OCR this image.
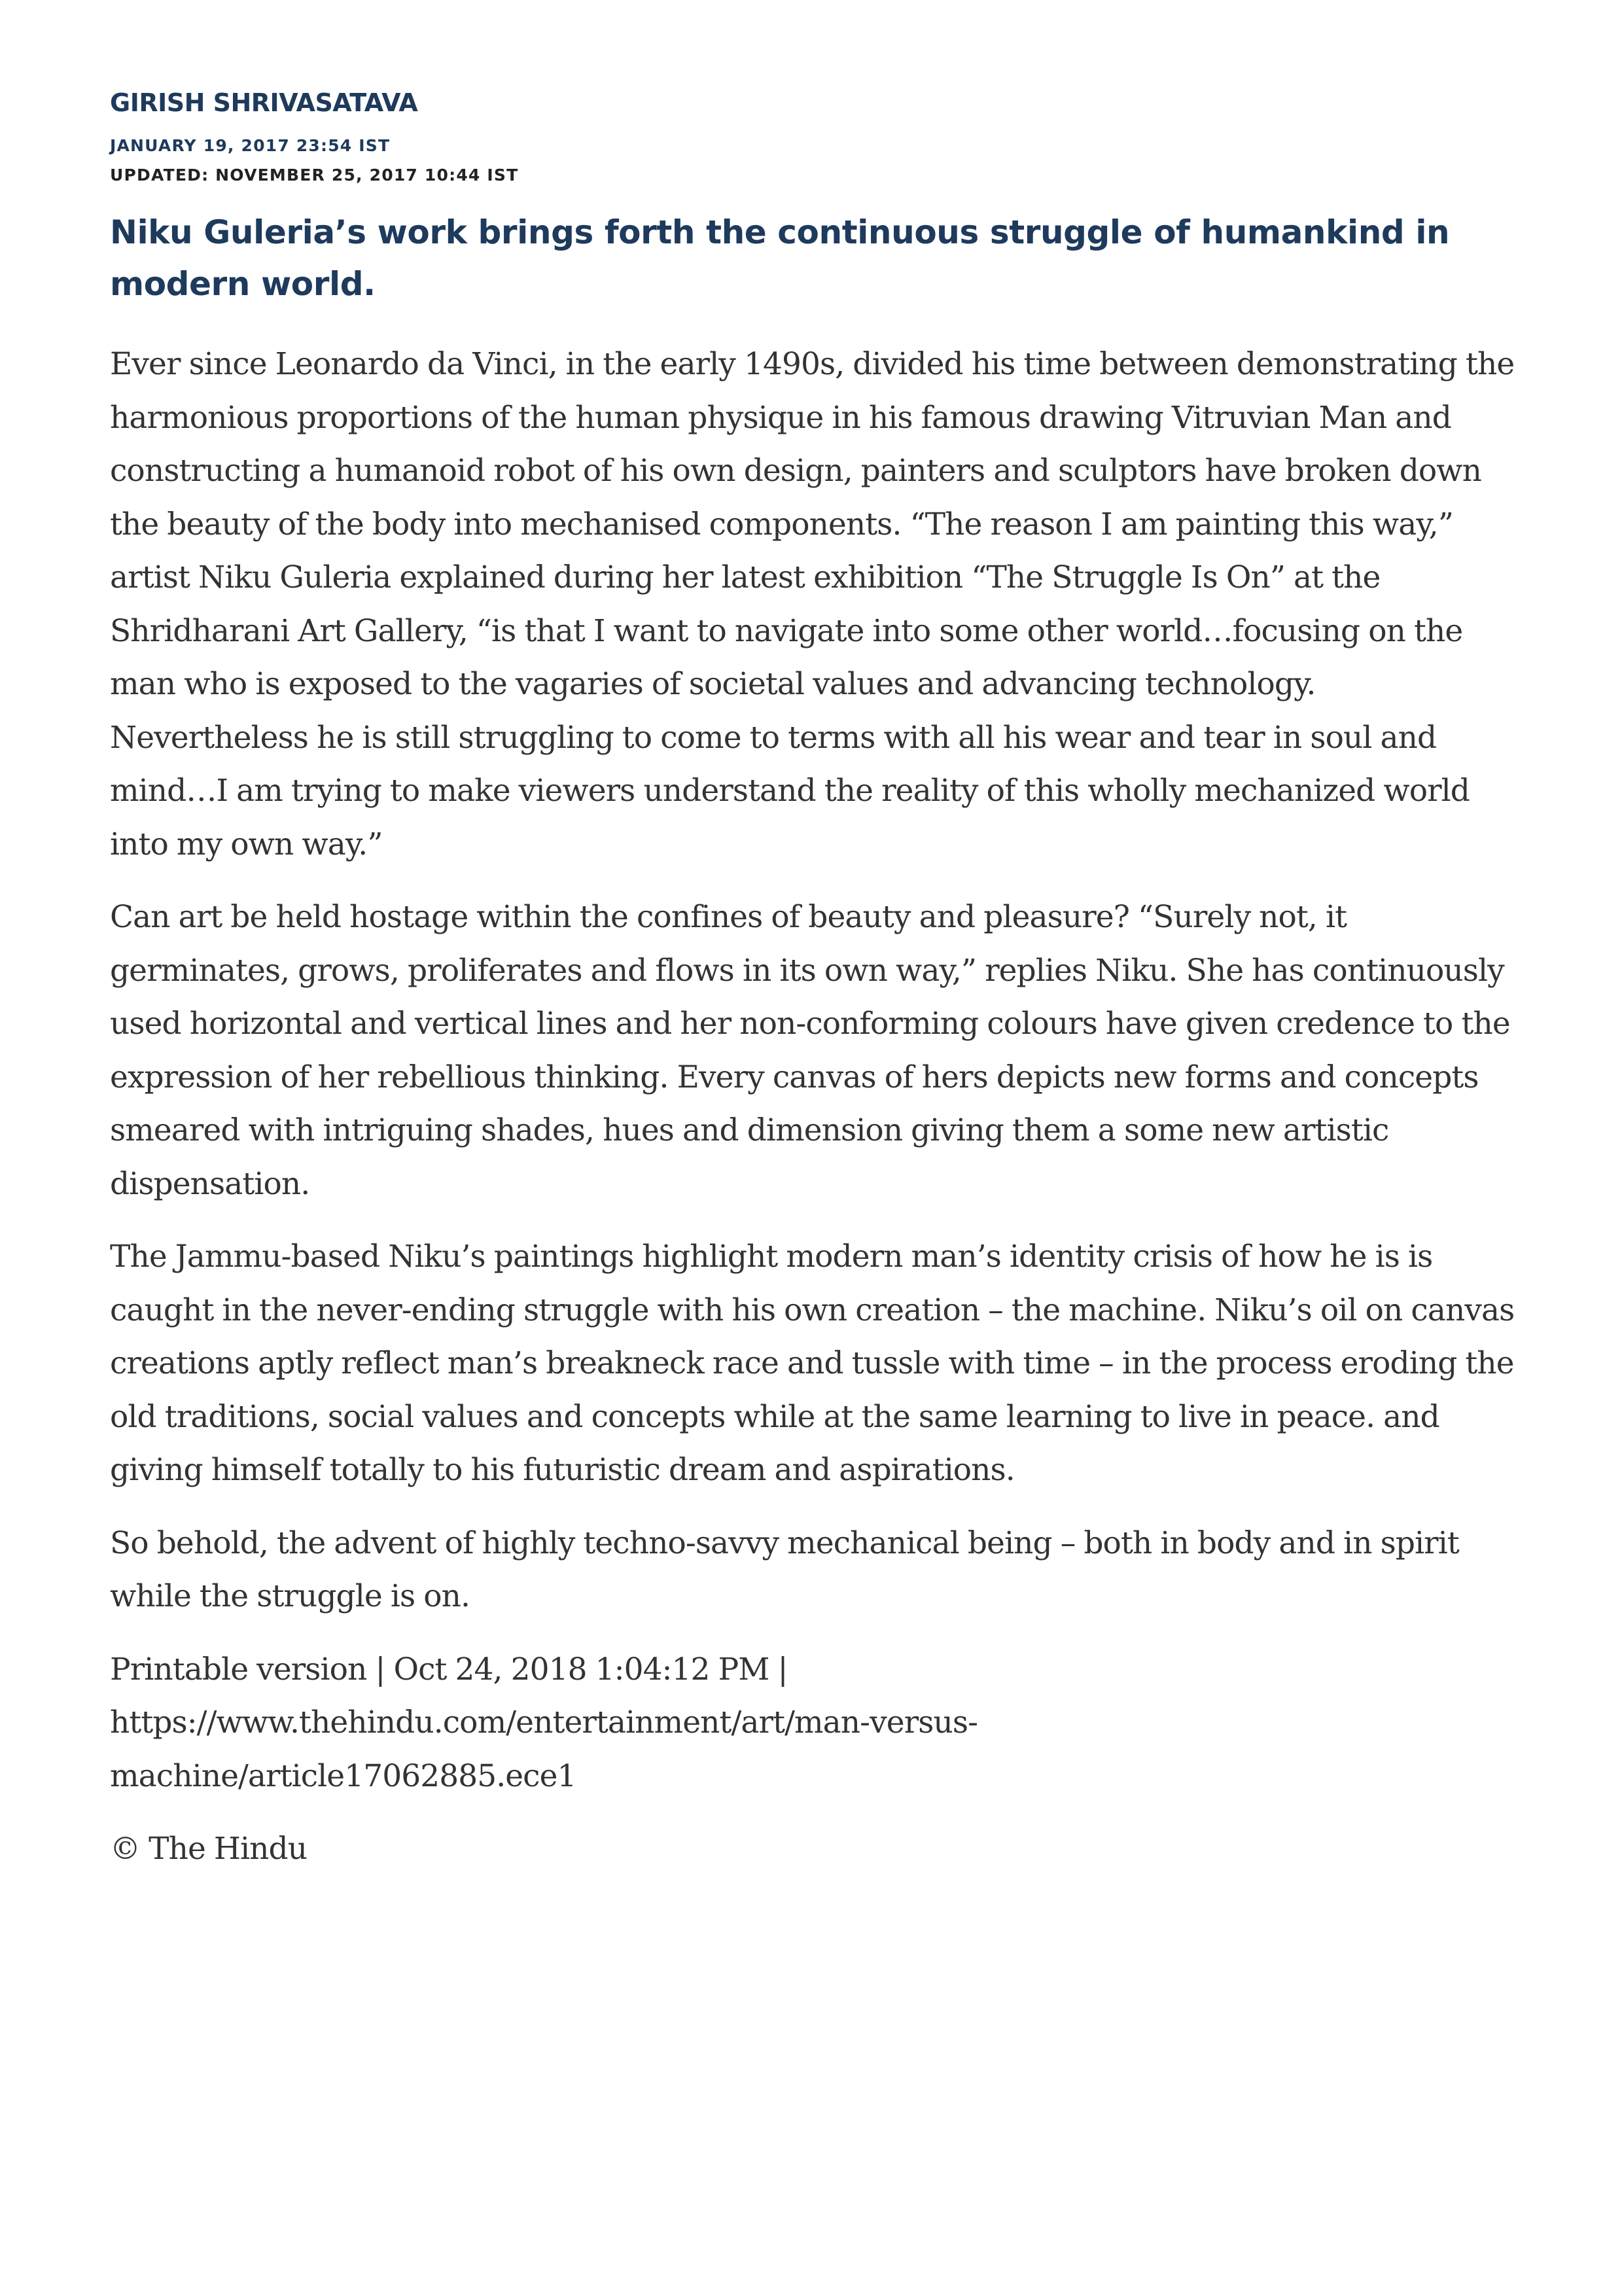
GIRISH SHRIVASATAVA
JANUARY 19, 2017 23:54 IST
UPDATED: NOVEMBER 25, 2017 10:44 IST
Niku Guleria’s work brings forth the continuous struggle of humankind in modern world.

Ever since Leonardo da Vinci, in the early 1490s, divided his time between demonstrating the harmonious proportions of the human physique in his famous drawing Vitruvian Man and constructing a humanoid robot of his own design, painters and sculptors have broken down the beauty of the body into mechanised components. “The reason I am painting this way,” artist Niku Guleria explained during her latest exhibition “The Struggle Is On” at the Shridharani Art Gallery, “is that I want to navigate into some other world…focusing on the man who is exposed to the vagaries of societal values and advancing technology. Nevertheless he is still struggling to come to terms with all his wear and tear in soul and mind…I am trying to make viewers understand the reality of this wholly mechanized world into my own way.”

Can art be held hostage within the confines of beauty and pleasure? “Surely not, it germinates, grows, proliferates and flows in its own way,” replies Niku. She has continuously used horizontal and vertical lines and her non-conforming colours have given credence to the expression of her rebellious thinking. Every canvas of hers depicts new forms and concepts smeared with intriguing shades, hues and dimension giving them a some new artistic dispensation.

The Jammu-based Niku’s paintings highlight modern man’s identity crisis of how he is is caught in the never-ending struggle with his own creation – the machine. Niku’s oil on canvas creations aptly reflect man’s breakneck race and tussle with time – in the process eroding the old traditions, social values and concepts while at the same learning to live in peace. and giving himself totally to his futuristic dream and aspirations.

So behold, the advent of highly techno-savvy mechanical being – both in body and in spirit while the struggle is on.

Printable version | Oct 24, 2018 1:04:12 PM |
https://www.thehindu.com/entertainment/art/man-versus-machine/article17062885.ece1
© The Hindu
